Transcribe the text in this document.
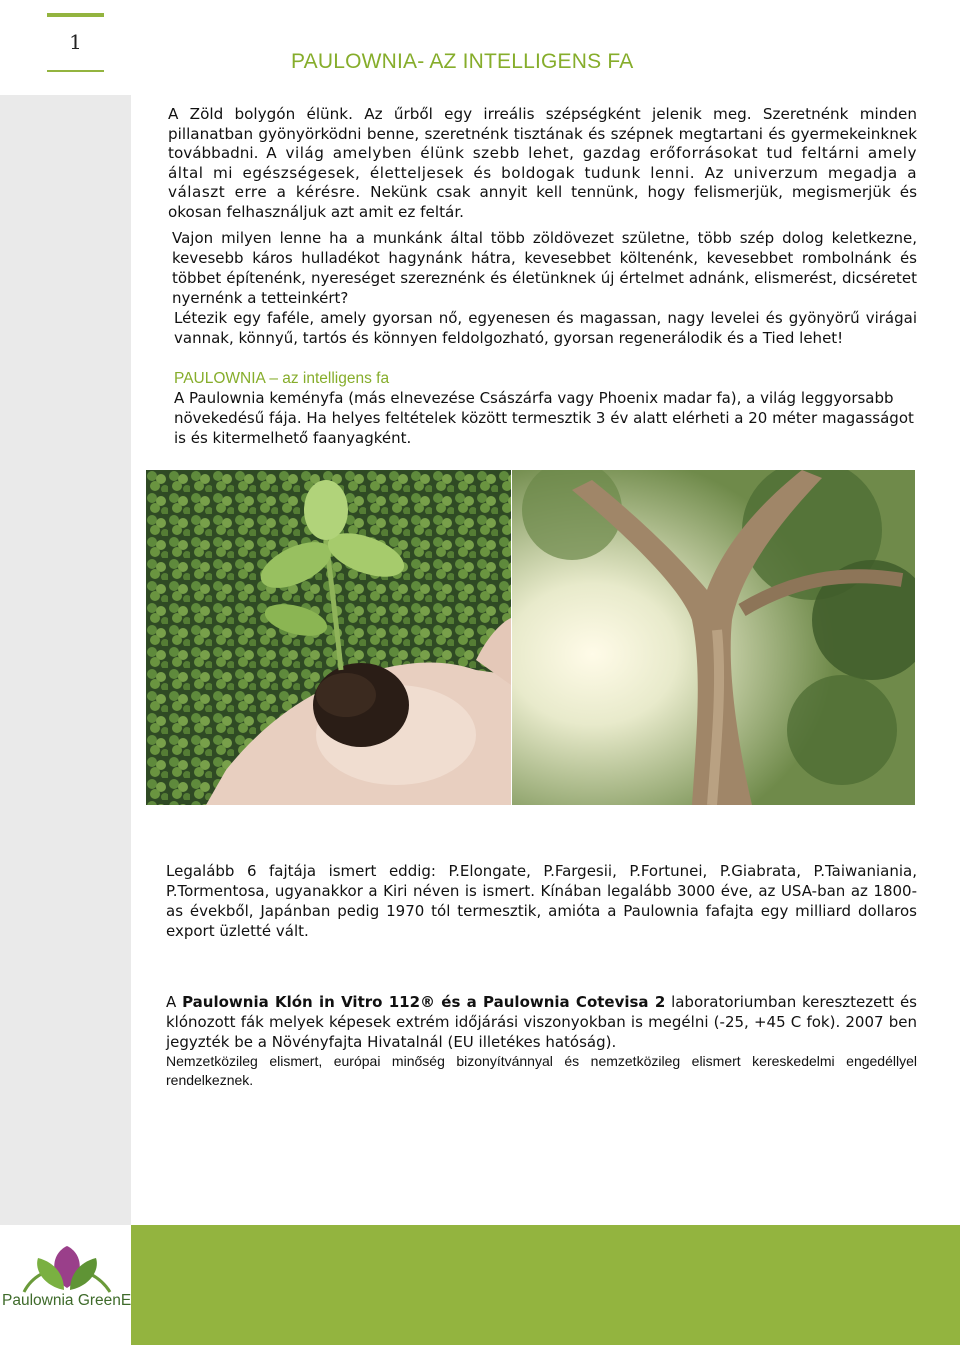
1
PAULOWNIA- AZ INTELLIGENS FA

A Zöld bolygón élünk. Az űrből egy irreális szépségként jelenik meg. Szeretnénk minden pillanatban gyönyörködni benne, szeretnénk tisztának és szépnek megtartani és gyermekeinknek továbbadni. A világ amelyben élünk szebb lehet, gazdag erőforrásokat tud feltárni amely által mi egészségesek, életteljesek és boldogak tudunk lenni. Az univerzum megadja a választ erre a kérésre. Nekünk csak annyit kell tennünk, hogy felismerjük, megismerjük és okosan felhasználjuk azt amit ez feltár.

Vajon milyen lenne ha a munkánk által több zöldövezet születne, több szép dolog keletkezne, kevesebb káros hulladékot hagynánk hátra, kevesebbet költenénk, kevesebbet rombolnánk és többet építenénk, nyereséget szereznénk és életünknek új értelmet adnánk, elismerést, dicséretet nyernénk a tetteinkért?

Létezik egy faféle, amely gyorsan nő, egyenesen és magassan, nagy levelei és gyönyörű virágai vannak, könnyű, tartós és könnyen feldolgozható, gyorsan regenerálodik és a Tied lehet!

PAULOWNIA – az intelligens fa

A Paulownia keményfa (más elnevezése Császárfa vagy Phoenix madar fa), a világ leggyorsabb növekedésű fája. Ha helyes feltételek között termesztik 3 év alatt elérheti a 20 méter magasságot is és kitermelhető faanyagként.

Legalább 6 fajtája ismert eddig: P.Elongate, P.Fargesii, P.Fortunei, P.Giabrata, P.Taiwaniania, P.Tormentosa, ugyanakkor a Kiri néven is ismert. Kínában legalább 3000 éve, az USA-ban az 1800-as évekből, Japánban pedig 1970 tól termesztik, amióta a Paulownia fafajta egy milliard dollaros export üzletté vált.

A Paulownia Klón in Vitro 112® és a Paulownia Cotevisa 2 laboratoriumban keresztezett és klónozott fák melyek képesek extrém időjárási viszonyokban is megélni (-25, +45 C fok). 2007 ben jegyzték be a Növényfajta Hivatalnál (EU illetékes hatóság).

Nemzetközileg elismert, európai minőség bizonyítvánnyal és nemzetközileg elismert kereskedelmi engedéllyel rendelkeznek.

Paulownia GreenE
